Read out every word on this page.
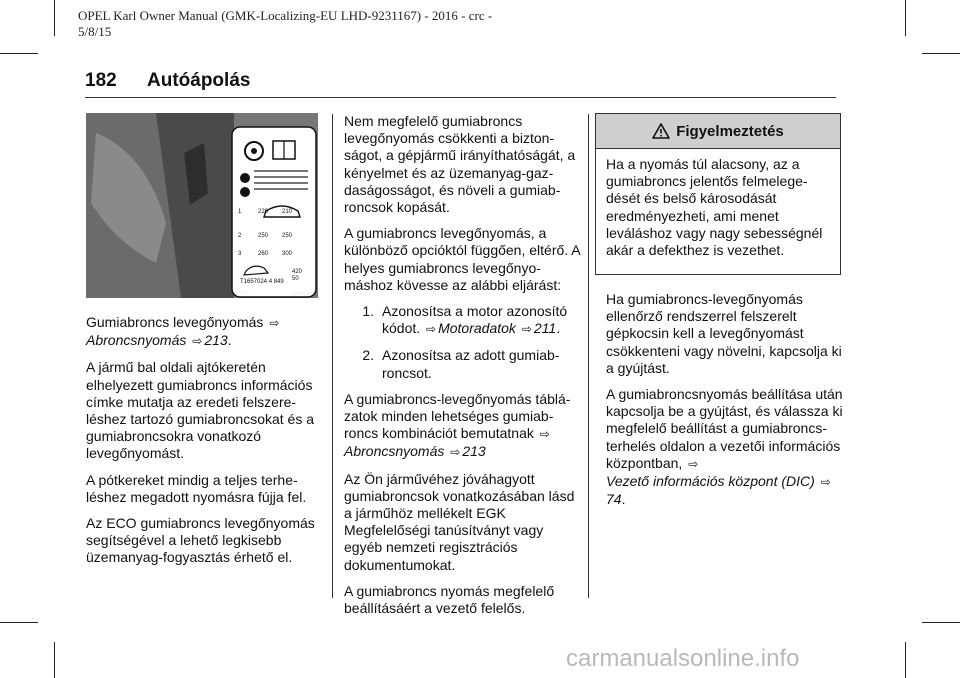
OPEL Karl Owner Manual (GMK-Localizing-EU LHD-9231167) - 2016 - crc -
5/8/15
182 Autóápolás
1	220 210
2	250 250
3	260 300
420
50
T1657024 4 849
36227	abc3276

Gumiabroncs levegőnyomás ⇨
Abroncsnyomás ⇨ 213.

A jármű bal oldali ajtókeretén elhelyezett gumiabroncs információs címke mutatja az eredeti felszereléshez tartozó gumiabroncsokat és a gumiabroncsokra vonatkozó levegőnyomást.

A pótkereket mindig a teljes terheléshez megadott nyomásra fújja fel.

Az ECO gumiabroncs levegőnyomás segítségével a lehető legkisebb üzemanyag-fogyasztás érhető el.

Nem megfelelő gumiabroncs levegőnyomás csökkenti a biztonságot, a gépjármű irányíthatóságát, a kényelmet és az üzemanyag-gazdaságosságot, és növeli a gumiabroncsok kopását.

A gumiabroncs levegőnyomás, a különböző opcióktól függően, eltérő. A helyes gumiabroncs levegőnyomáshoz kövesse az alábbi eljárást:

1. Azonosítsa a motor azonosító kódot. ⇨ Motoradatok ⇨ 211.
2. Azonosítsa az adott gumiabroncsot.

A gumiabroncs-levegőnyomás táblázatok minden lehetséges gumiabroncs kombinációt bemutatnak ⇨
Abroncsnyomás ⇨ 213

Az Ön járművéhez jóváhagyott gumiabroncsok vonatkozásában lásd a járműhöz mellékelt EGK Megfelelőségi tanúsítványt vagy egyéb nemzeti regisztrációs dokumentumokat.

A gumiabroncs nyomás megfelelő beállításáért a vezető felelős.

Figyelmeztetés
Ha a nyomás túl alacsony, az a gumiabroncs jelentős felmelegedését és belső károsodását eredményezheti, ami menet leváláshoz vagy nagy sebességnél akár a defekthez is vezethet.

Ha gumiabroncs-levegőnyomás ellenőrző rendszerrel felszerelt gépkocsin kell a levegőnyomást csökkenteni vagy növelni, kapcsolja ki a gyújtást.

A gumiabroncsnyomás beállítása után kapcsolja be a gyújtást, és válassza ki megfelelő beállítást a gumiabroncs-terhelés oldalon a vezetői információs központban, ⇨
Vezető információs központ (DIC) ⇨74.

carmanualsonline.info
